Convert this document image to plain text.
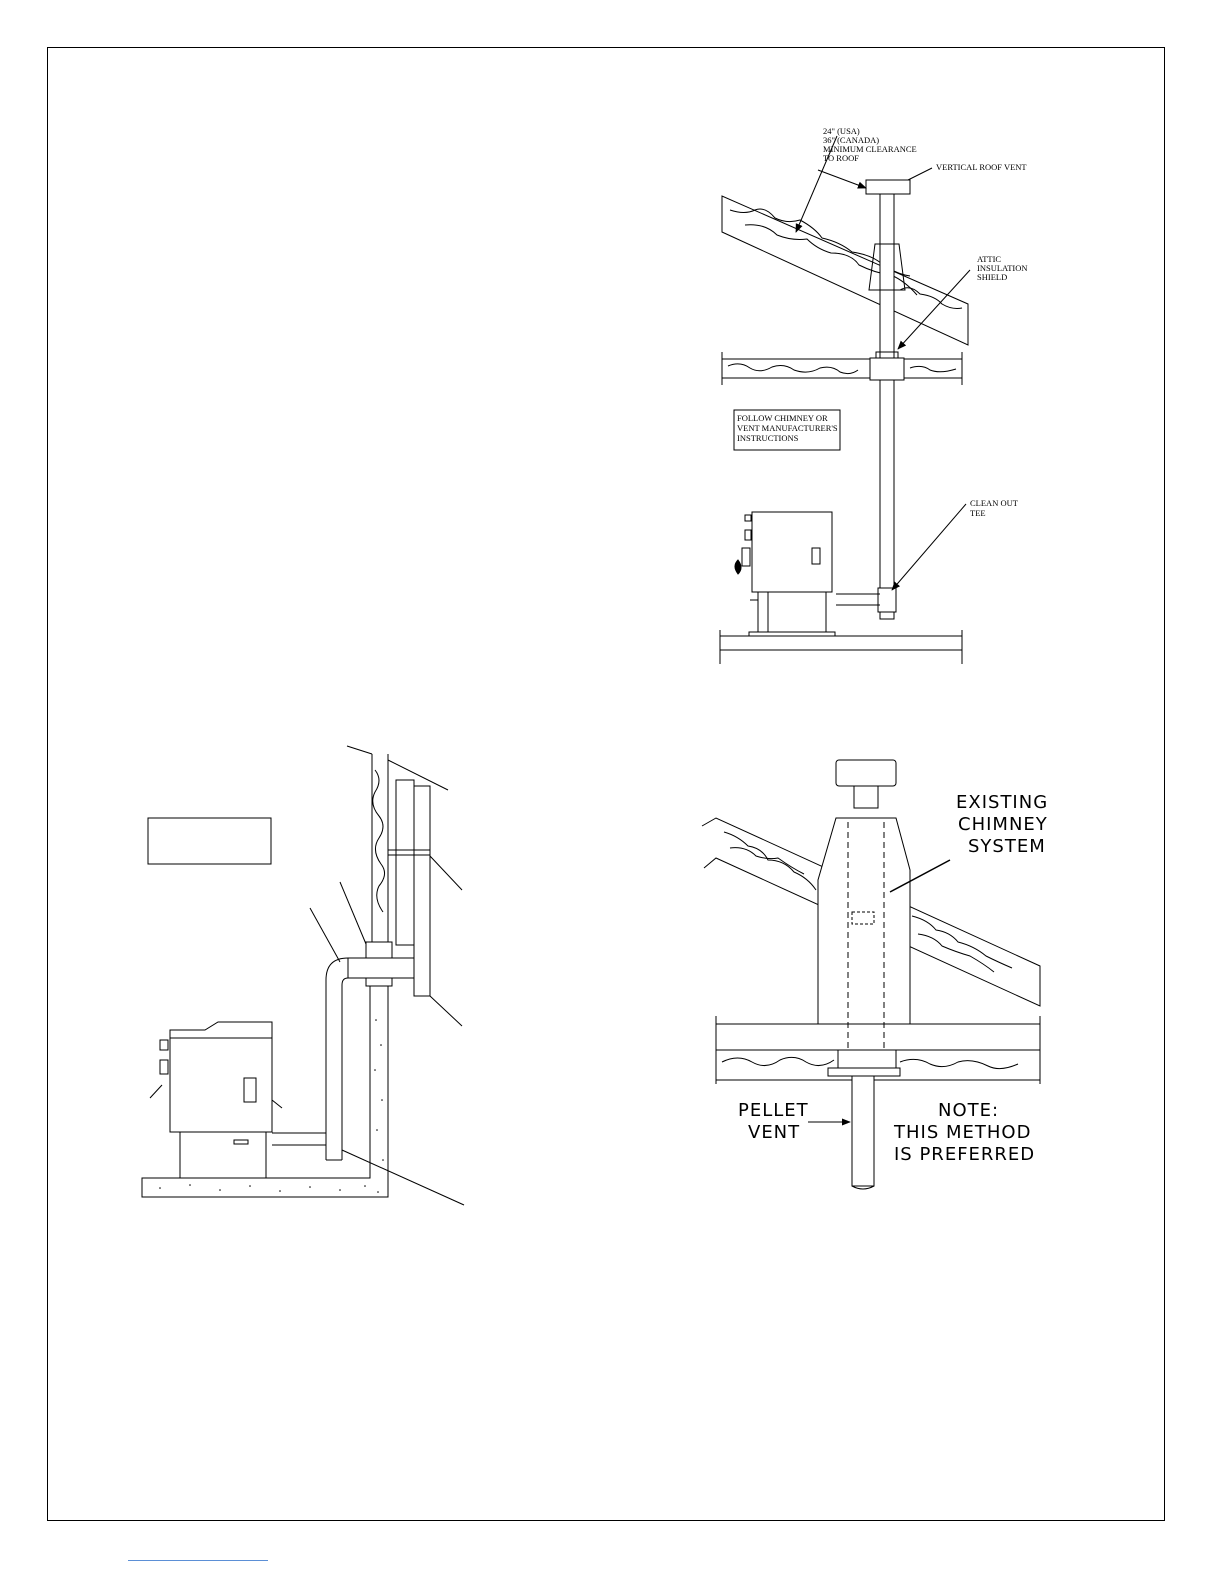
24" (USA)
36" (CANADA)
MINIMUM CLEARANCE
TO ROOF
VERTICAL ROOF VENT
ATTIC
INSULATION
SHIELD
FOLLOW CHIMNEY OR
VENT MANUFACTURER'S
INSTRUCTIONS
CLEAN OUT
TEE
EXISTING
CHIMNEY
SYSTEM
PELLET
VENT
NOTE:
THIS METHOD
IS PREFERRED
